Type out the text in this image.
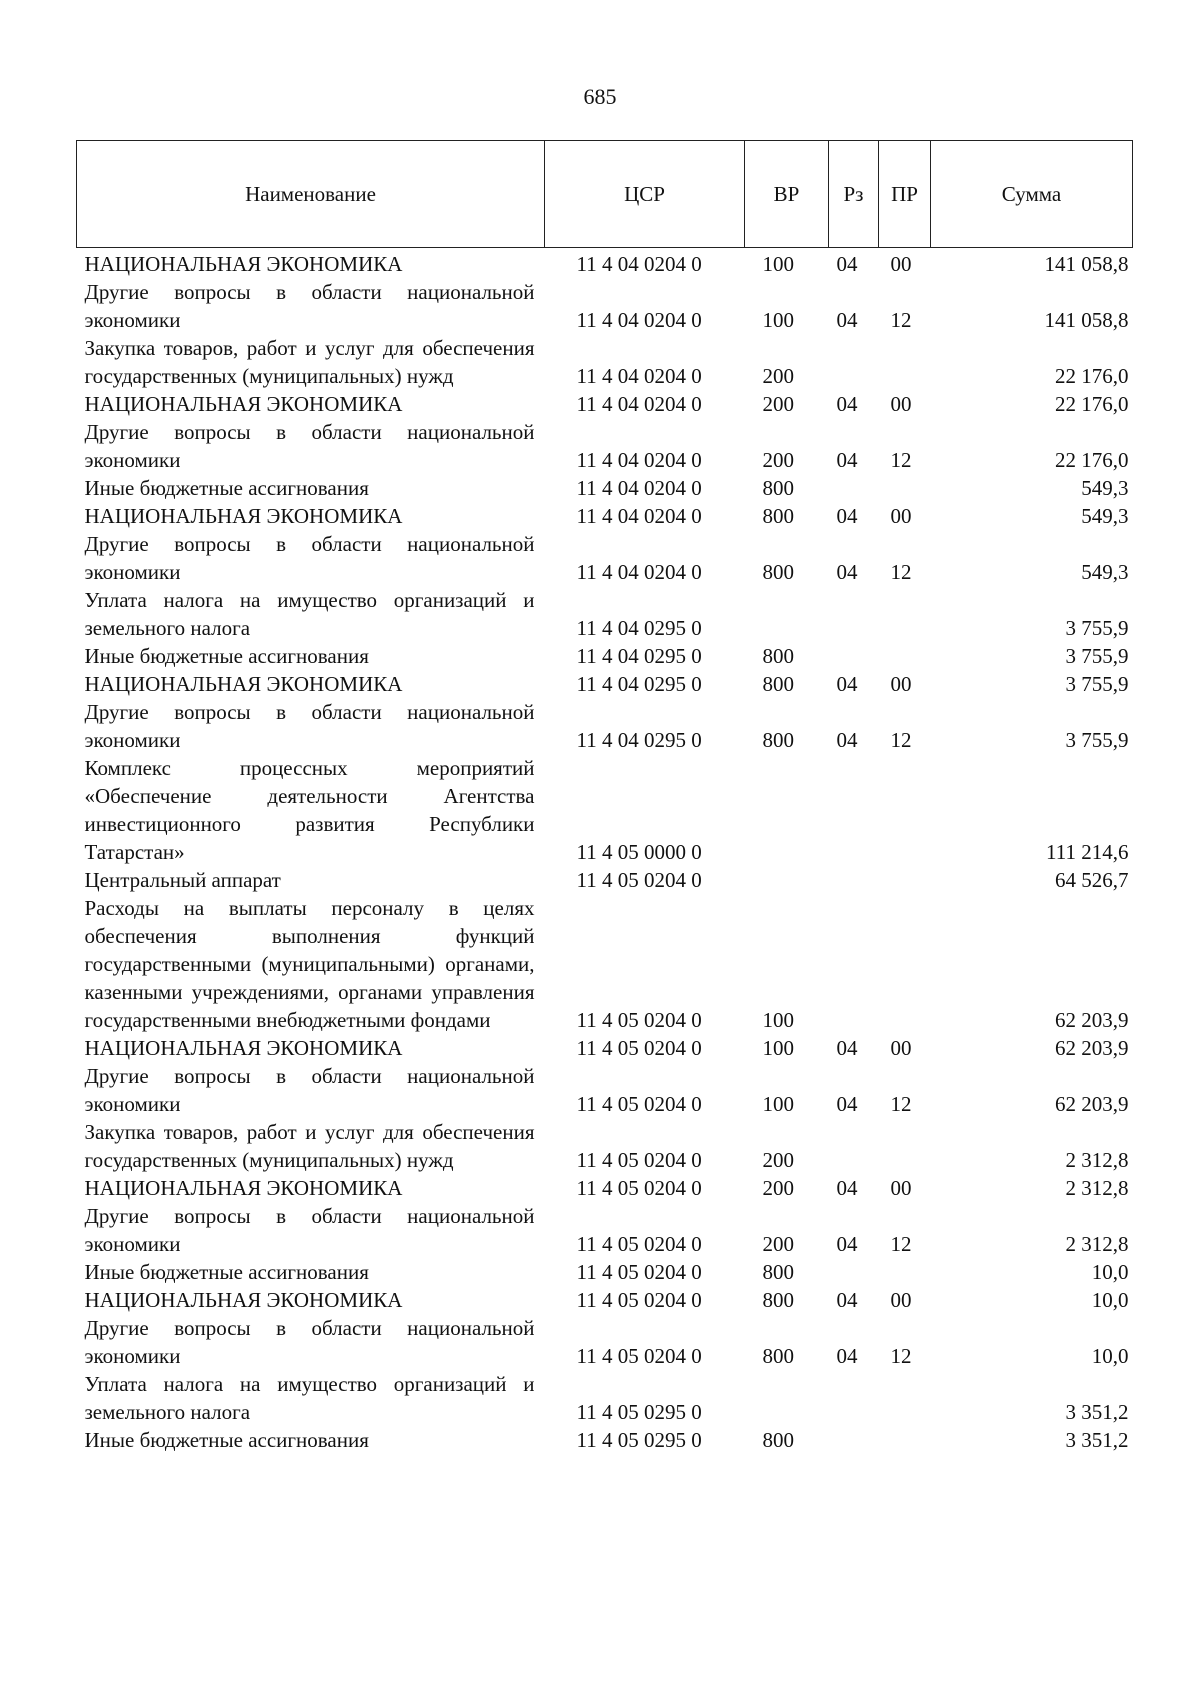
685
Наименование	ЦСР	ВР	Рз	ПР	Сумма
НАЦИОНАЛЬНАЯ ЭКОНОМИКА	11 4 04 0204 0	100	04	00	141 058,8
Другие вопросы в области национальной экономики	11 4 04 0204 0	100	04	12	141 058,8
Закупка товаров, работ и услуг для обеспечения государственных (муниципальных) нужд	11 4 04 0204 0	200			22 176,0
НАЦИОНАЛЬНАЯ ЭКОНОМИКА	11 4 04 0204 0	200	04	00	22 176,0
Другие вопросы в области национальной экономики	11 4 04 0204 0	200	04	12	22 176,0
Иные бюджетные ассигнования	11 4 04 0204 0	800			549,3
НАЦИОНАЛЬНАЯ ЭКОНОМИКА	11 4 04 0204 0	800	04	00	549,3
Другие вопросы в области национальной экономики	11 4 04 0204 0	800	04	12	549,3
Уплата налога на имущество организаций и земельного налога	11 4 04 0295 0				3 755,9
Иные бюджетные ассигнования	11 4 04 0295 0	800			3 755,9
НАЦИОНАЛЬНАЯ ЭКОНОМИКА	11 4 04 0295 0	800	04	00	3 755,9
Другие вопросы в области национальной экономики	11 4 04 0295 0	800	04	12	3 755,9
Комплекс процессных мероприятий «Обеспечение деятельности Агентства инвестиционного развития Республики Татарстан»	11 4 05 0000 0				111 214,6
Центральный аппарат	11 4 05 0204 0				64 526,7
Расходы на выплаты персоналу в целях обеспечения выполнения функций государственными (муниципальными) органами, казенными учреждениями, органами управления государственными внебюджетными фондами	11 4 05 0204 0	100			62 203,9
НАЦИОНАЛЬНАЯ ЭКОНОМИКА	11 4 05 0204 0	100	04	00	62 203,9
Другие вопросы в области национальной экономики	11 4 05 0204 0	100	04	12	62 203,9
Закупка товаров, работ и услуг для обеспечения государственных (муниципальных) нужд	11 4 05 0204 0	200			2 312,8
НАЦИОНАЛЬНАЯ ЭКОНОМИКА	11 4 05 0204 0	200	04	00	2 312,8
Другие вопросы в области национальной экономики	11 4 05 0204 0	200	04	12	2 312,8
Иные бюджетные ассигнования	11 4 05 0204 0	800			10,0
НАЦИОНАЛЬНАЯ ЭКОНОМИКА	11 4 05 0204 0	800	04	00	10,0
Другие вопросы в области национальной экономики	11 4 05 0204 0	800	04	12	10,0
Уплата налога на имущество организаций и земельного налога	11 4 05 0295 0				3 351,2
Иные бюджетные ассигнования	11 4 05 0295 0	800			3 351,2
